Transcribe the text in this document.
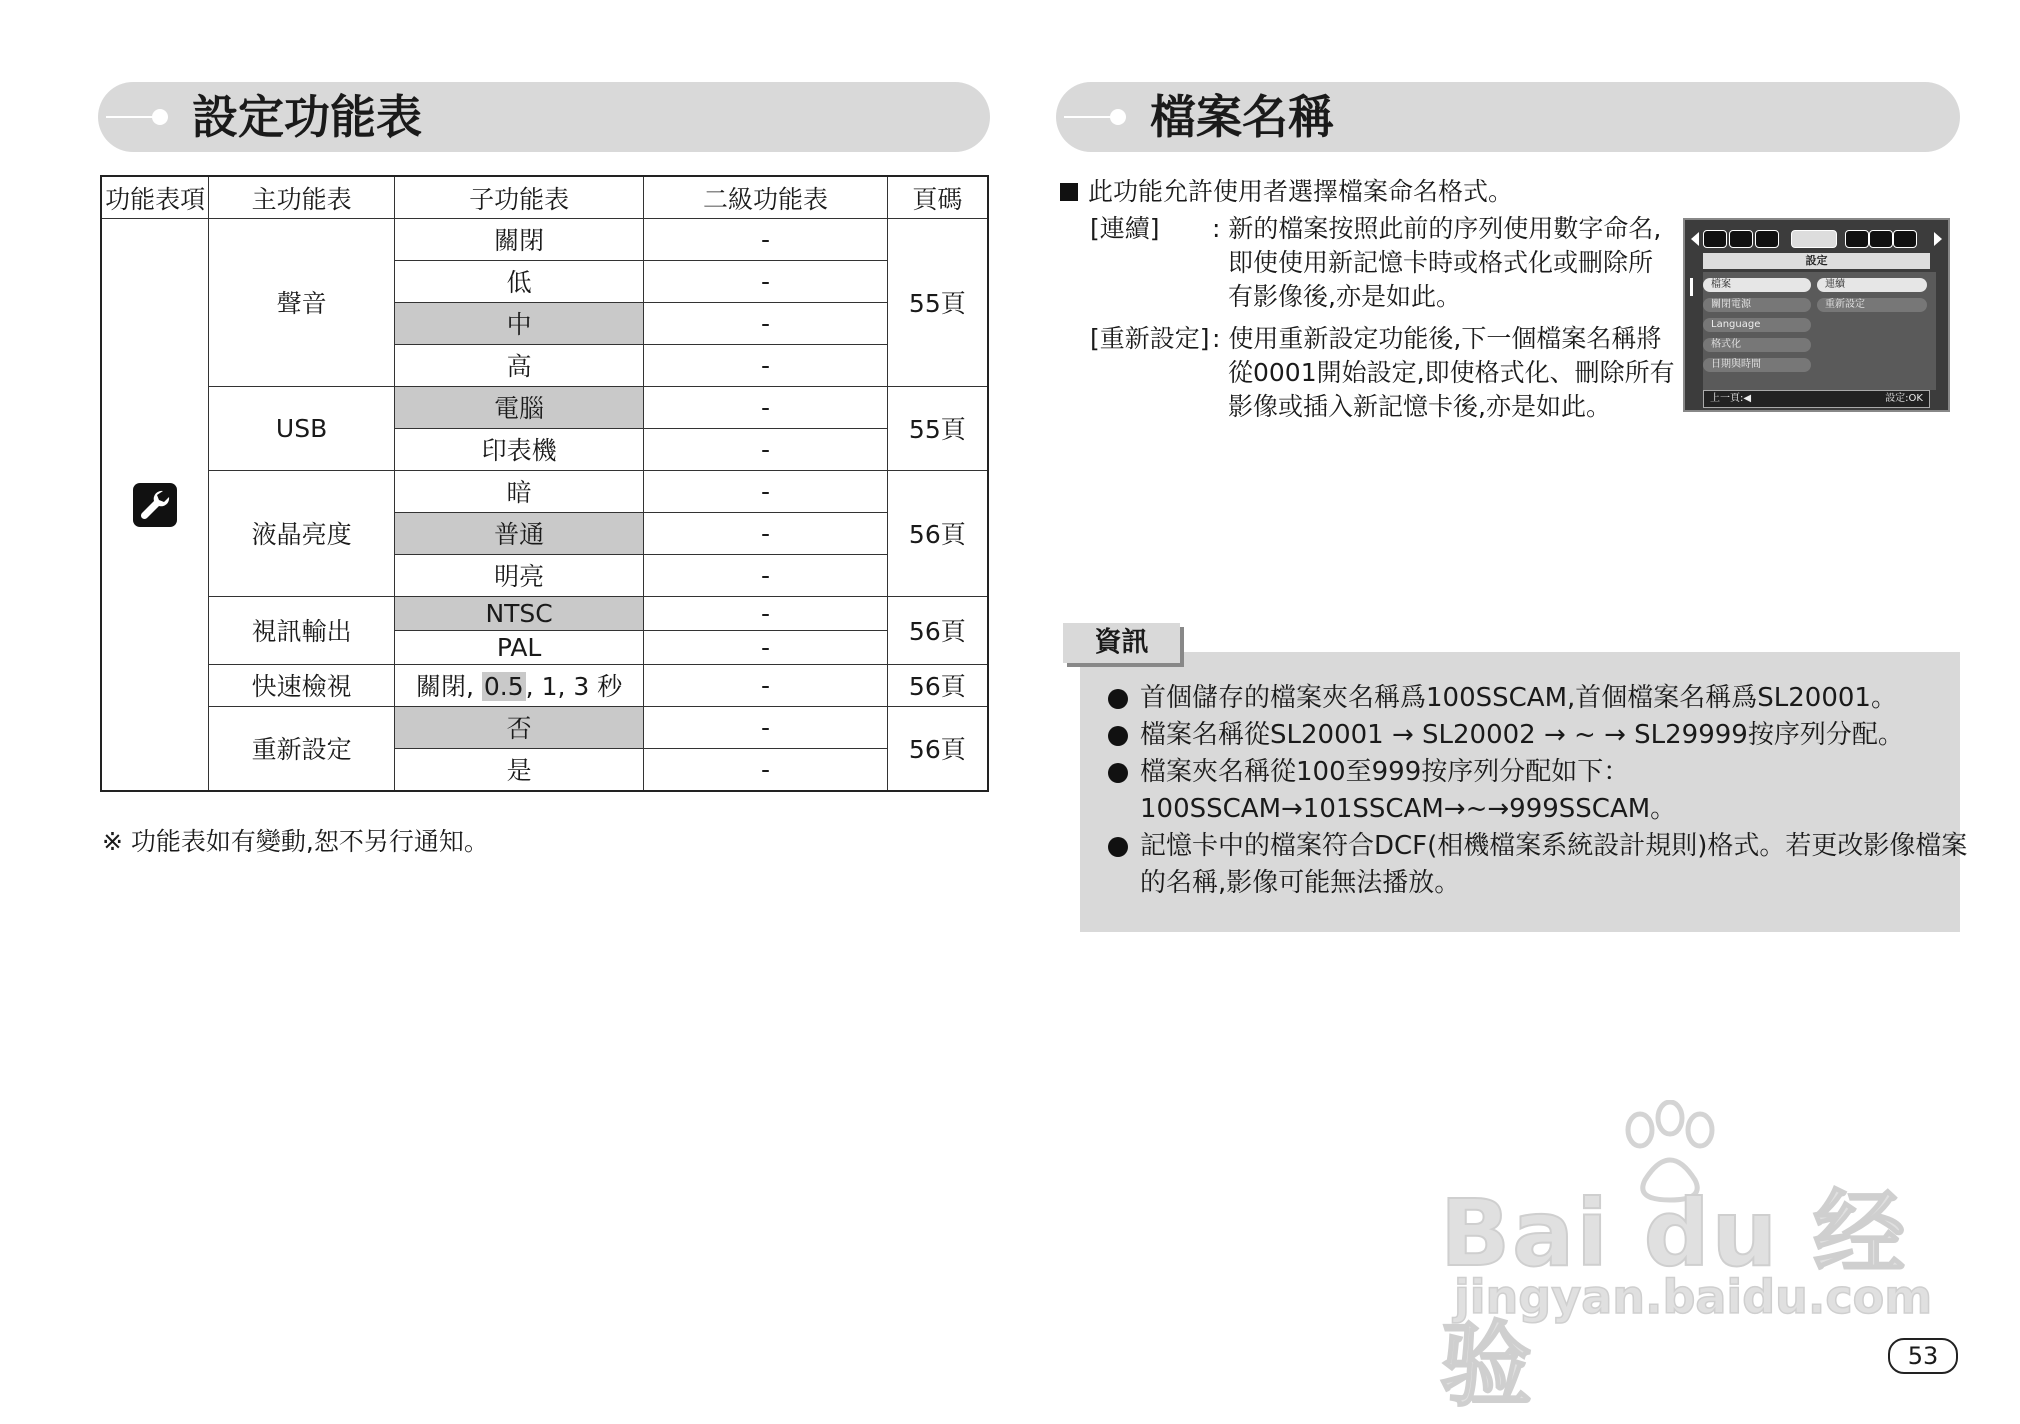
設定功能表
功能表項	主功能表	子功能表	二級功能表	頁碼
	聲音	關閉	-	55頁
		低	-	
		中	-	
		高	-	
	USB	電腦	-	55頁
		印表機	-	
	液晶亮度	暗	-	56頁
		普通	-	
		明亮	-	
	視訊輸出	NTSC	-	56頁
		PAL	-	
	快速檢視	關閉, 0.5, 1, 3 秒	-	56頁
	重新設定	否	-	56頁
		是	-	
※ 功能表如有變動,恕不另行通知。
檔案名稱
此功能允許使用者選擇檔案命名格式。
[連續] : 新的檔案按照此前的序列使用數字命名,
即使使用新記憶卡時或格式化或刪除所
有影像後,亦是如此。
[重新設定] : 使用重新設定功能後,下一個檔案名稱將
從0001開始設定,即使格式化、刪除所有
影像或插入新記憶卡後,亦是如此。
設定
檔案
關閉電源
Language
格式化
日期與時間
連續
重新設定
上一頁:◀	設定:OK
資訊
首個儲存的檔案夾名稱爲100SSCAM,首個檔案名稱爲SL20001。
檔案名稱從SL20001 → SL20002 → ~ → SL29999按序列分配。
檔案夾名稱從100至999按序列分配如下：
100SSCAM→101SSCAM→~→999SSCAM。
記憶卡中的檔案符合DCF(相機檔案系統設計規則)格式。若更改影像檔案
的名稱,影像可能無法播放。
Bai du 经验
jingyan.baidu.com
53
